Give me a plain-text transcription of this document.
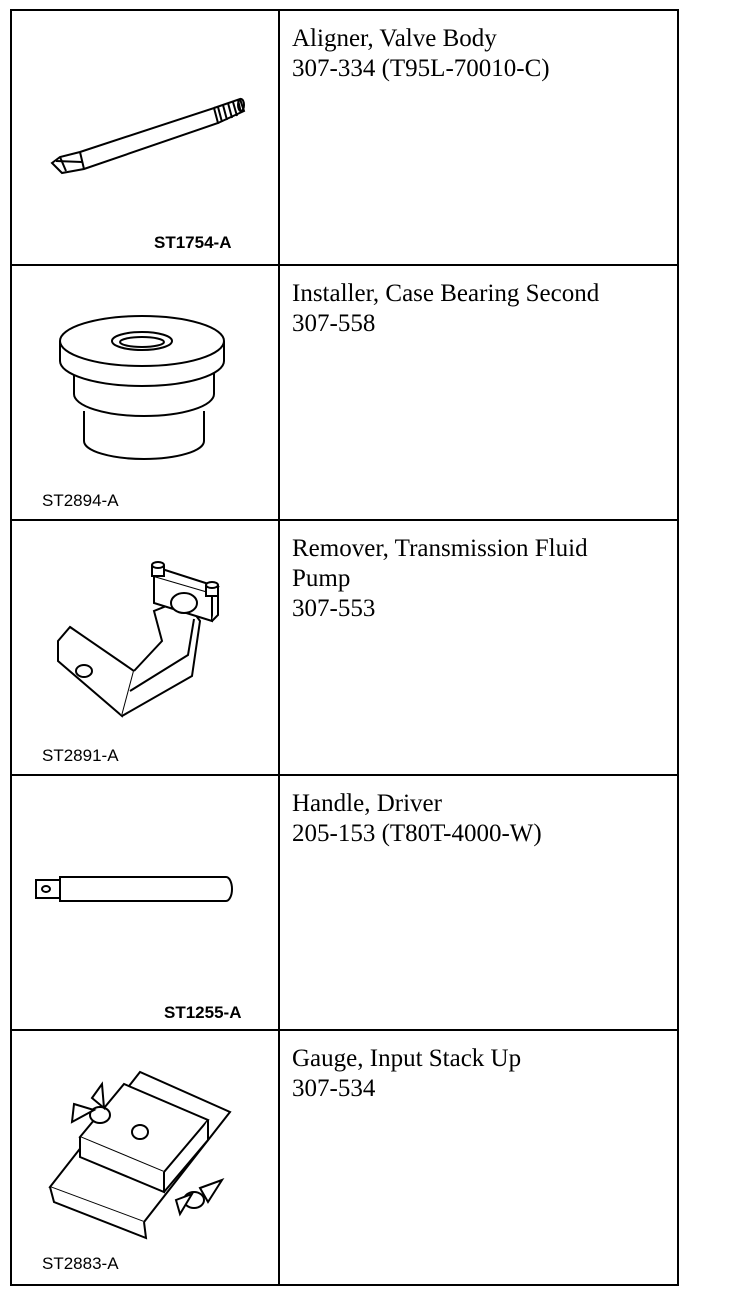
ST1754-A
Aligner, Valve Body
307-334 (T95L-70010-C)
ST2894-A
Installer, Case Bearing Second
307-558
ST2891-A
Remover, Transmission Fluid
Pump
307-553
ST1255-A
Handle, Driver
205-153 (T80T-4000-W)
ST2883-A
Gauge, Input Stack Up
307-534
